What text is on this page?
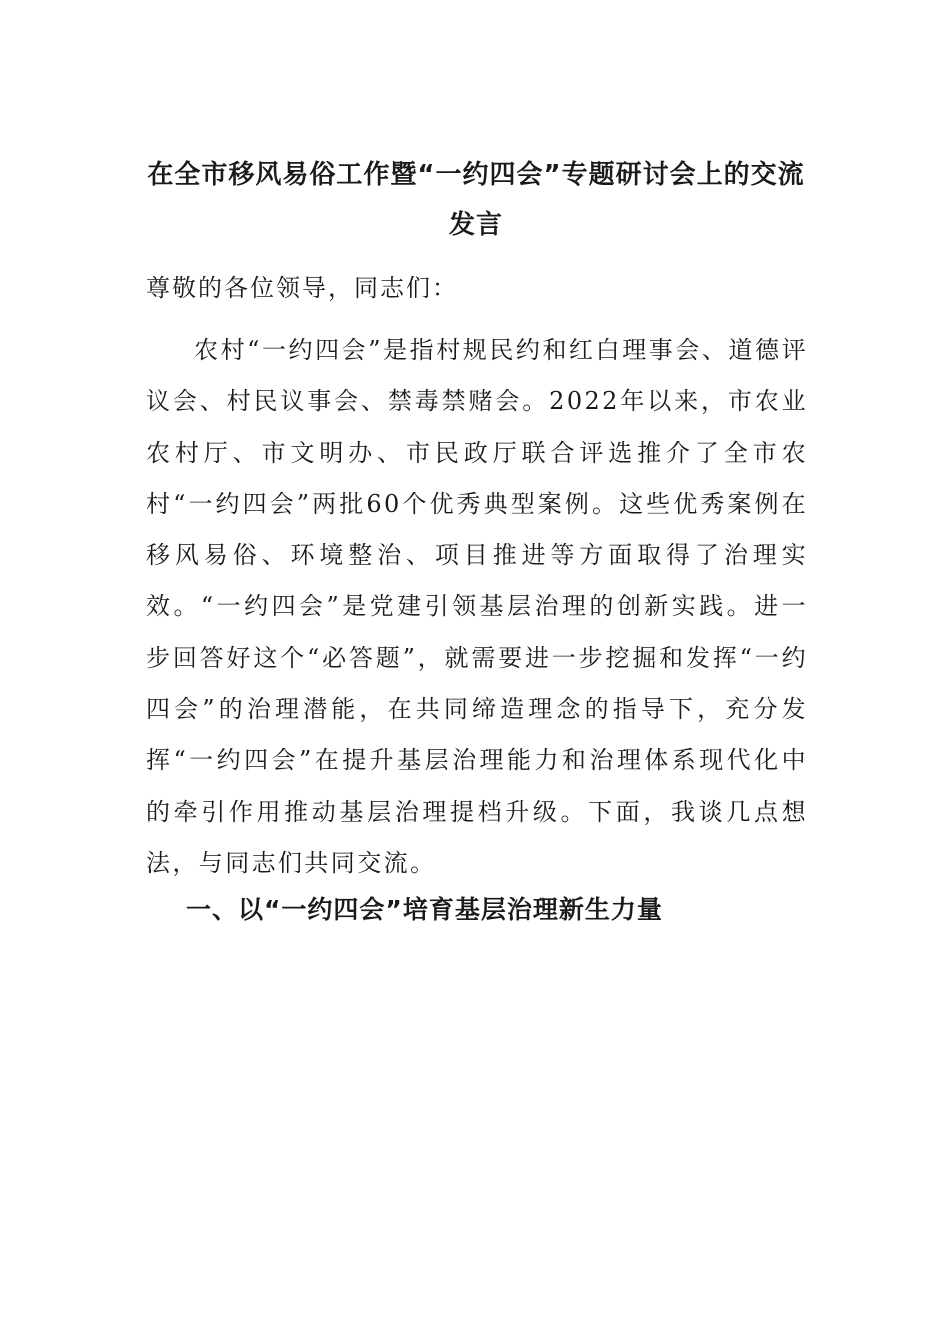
在全市移风易俗工作暨“一约四会”专题研讨会上的交流发言
尊敬的各位领导，同志们：
农村“一约四会”是指村规民约和红白理事会、道德评议会、村民议事会、禁毒禁赌会。2022年以来，市农业农村厅、市文明办、市民政厅联合评选推介了全市农村“一约四会”两批60个优秀典型案例。这些优秀案例在移风易俗、环境整治、项目推进等方面取得了治理实效。“一约四会”是党建引领基层治理的创新实践。进一步回答好这个“必答题”，就需要进一步挖掘和发挥“一约四会”的治理潜能，在共同缔造理念的指导下，充分发挥“一约四会”在提升基层治理能力和治理体系现代化中的牵引作用推动基层治理提档升级。下面，我谈几点想法，与同志们共同交流。
一、以“一约四会”培育基层治理新生力量
